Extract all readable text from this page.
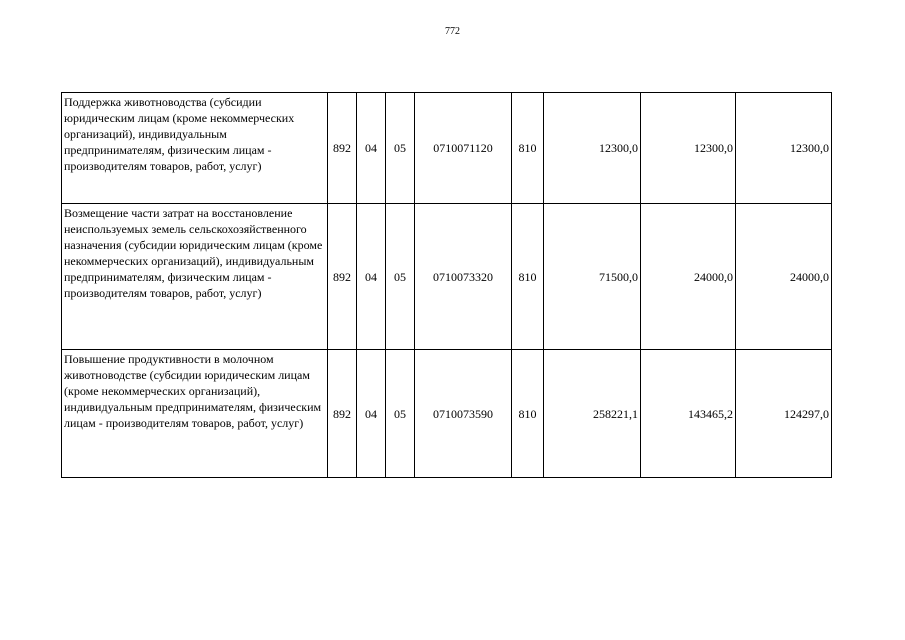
772
Поддержка животноводства (субсидии юридическим лицам (кроме некоммерческих организаций), индивидуальным предпринимателям, физическим лицам - производителям товаров, работ, услуг)	892	04	05	0710071120	810	12300,0	12300,0	12300,0
Возмещение части затрат на восстановление неиспользуемых земель сельскохозяйственного назначения (субсидии юридическим лицам (кроме некоммерческих организаций), индивидуальным предпринимателям, физическим лицам - производителям товаров, работ, услуг)	892	04	05	0710073320	810	71500,0	24000,0	24000,0
Повышение продуктивности в молочном животноводстве (субсидии юридическим лицам (кроме некоммерческих организаций), индивидуальным предпринимателям, физическим лицам - производителям товаров, работ, услуг)	892	04	05	0710073590	810	258221,1	143465,2	124297,0
